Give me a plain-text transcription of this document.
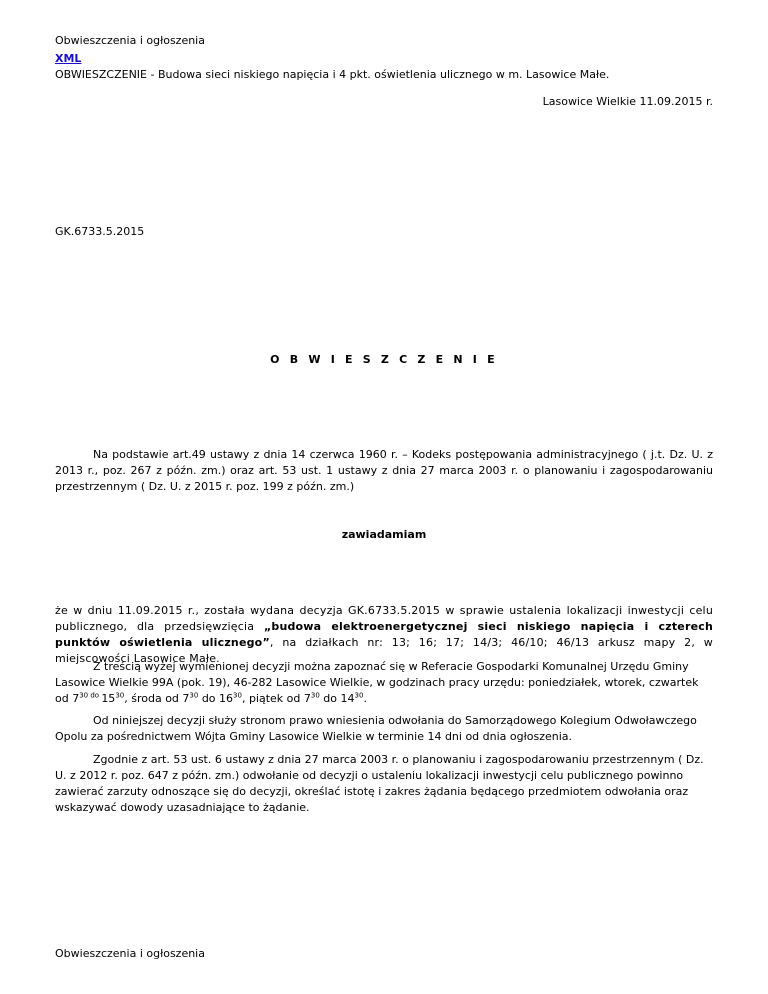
Obwieszczenia i ogłoszenia
XML
OBWIESZCZENIE - Budowa sieci niskiego napięcia i 4 pkt. oświetlenia ulicznego w m. Lasowice Małe.
Lasowice Wielkie 11.09.2015 r.
GK.6733.5.2015
O B W I E S Z C Z E N I E
Na podstawie art.49 ustawy z dnia 14 czerwca 1960 r. – Kodeks postępowania administracyjnego ( j.t. Dz. U. z 2013 r., poz. 267 z późn. zm.) oraz art. 53 ust. 1 ustawy z dnia 27 marca 2003 r. o planowaniu i zagospodarowaniu przestrzennym ( Dz. U. z 2015 r. poz. 199 z późn. zm.)
zawiadamiam
że w dniu 11.09.2015 r., została wydana decyzja GK.6733.5.2015 w sprawie ustalenia lokalizacji inwestycji celu publicznego, dla przedsięwzięcia „budowa elektroenergetycznej sieci niskiego napięcia i czterech punktów oświetlenia ulicznego”, na działkach nr: 13; 16; 17; 14/3; 46/10; 46/13 arkusz mapy 2, w miejscowości Lasowice Małe.
Z treścią wyżej wymienionej decyzji można zapoznać się w Referacie Gospodarki Komunalnej Urzędu Gminy Lasowice Wielkie 99A (pok. 19), 46-282 Lasowice Wielkie, w godzinach pracy urzędu: poniedziałek, wtorek, czwartek od $7^{30 do}$ $15^{30}$, środa od $7^{30}$ do $16^{30}$, piątek od $7^{30}$ do $14^{30}$.
Od niniejszej decyzji służy stronom prawo wniesienia odwołania do Samorządowego Kolegium Odwoławczego Opolu za pośrednictwem Wójta Gminy Lasowice Wielkie w terminie 14 dni od dnia ogłoszenia.
Zgodnie z art. 53 ust. 6 ustawy z dnia 27 marca 2003 r. o planowaniu i zagospodarowaniu przestrzennym ( Dz. U. z 2012 r. poz. 647 z późn. zm.) odwołanie od decyzji o ustaleniu lokalizacji inwestycji celu publicznego powinno zawierać zarzuty odnoszące się do decyzji, określać istotę i zakres żądania będącego przedmiotem odwołania oraz wskazywać dowody uzasadniające to żądanie.
Obwieszczenia i ogłoszenia
